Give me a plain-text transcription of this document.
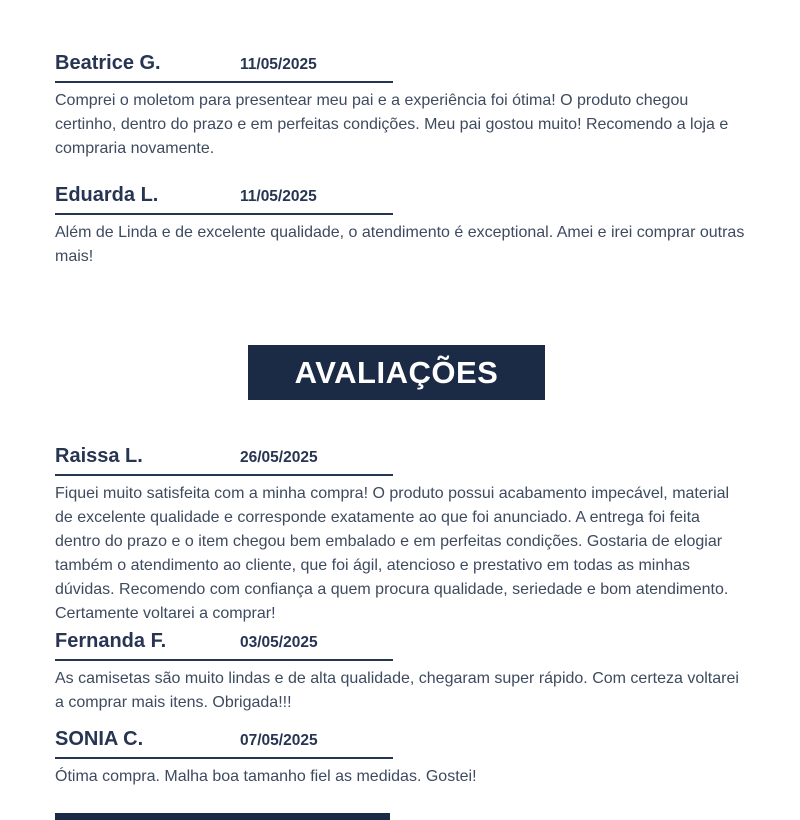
Beatrice G.	11/05/2025

Comprei o moletom para presentear meu pai e a experiência foi ótima! O produto chegou certinho, dentro do prazo e em perfeitas condições. Meu pai gostou muito! Recomendo a loja e compraria novamente.

Eduarda L.	11/05/2025

Além de Linda e de excelente qualidade, o atendimento é exceptional. Amei e irei comprar outras mais!

AVALIAÇÕES
Raissa L.	26/05/2025

Fiquei muito satisfeita com a minha compra! O produto possui acabamento impecável, material de excelente qualidade e corresponde exatamente ao que foi anunciado. A entrega foi feita dentro do prazo e o item chegou bem embalado e em perfeitas condições. Gostaria de elogiar também o atendimento ao cliente, que foi ágil, atencioso e prestativo em todas as minhas dúvidas. Recomendo com confiança a quem procura qualidade, seriedade e bom atendimento. Certamente voltarei a comprar!

Fernanda F.	03/05/2025

As camisetas são muito lindas e de alta qualidade, chegaram super rápido. Com certeza voltarei a comprar mais itens. Obrigada!!!

SONIA C.	07/05/2025

Ótima compra. Malha boa tamanho fiel as medidas. Gostei!
